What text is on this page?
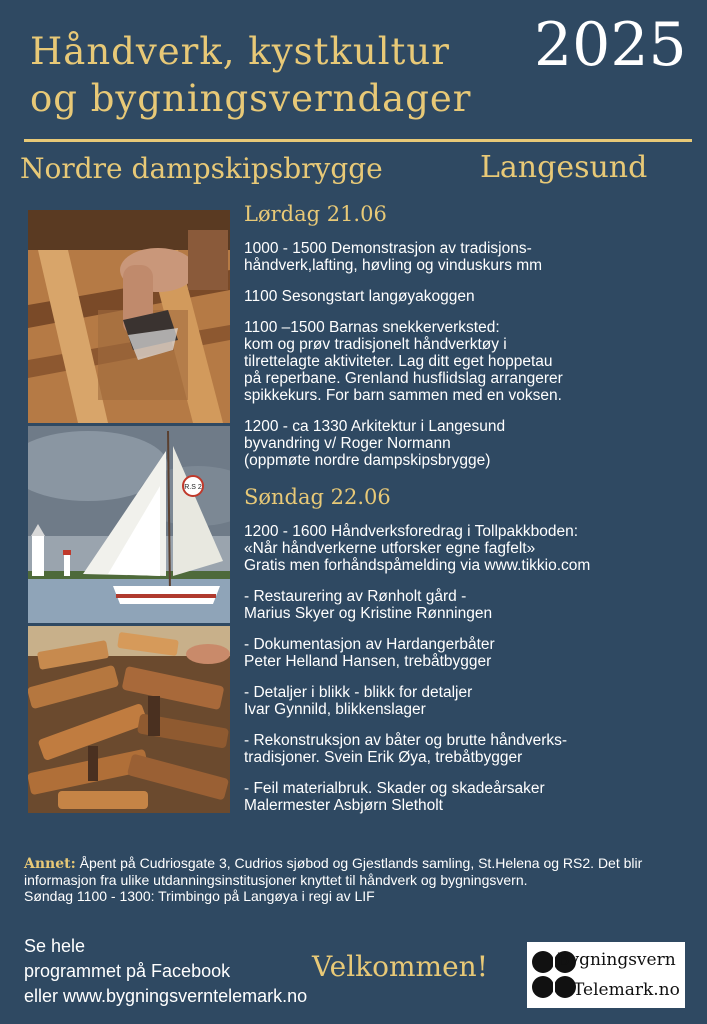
Håndverk, kystkultur
og bygningsverndager
2025
Nordre dampskipsbrygge	Langesund
R.S 2
Lørdag 21.06
1000 - 1500 Demonstrasjon av tradisjons-
håndverk,lafting, høvling og vinduskurs mm
1100 Sesongstart langøyakoggen
1100 –1500 Barnas snekkerverksted:
kom og prøv tradisjonelt håndverktøy i
tilrettelagte aktiviteter. Lag ditt eget hoppetau
på reperbane. Grenland husflidslag arrangerer
spikkekurs. For barn sammen med en voksen.
1200 - ca 1330 Arkitektur i Langesund
byvandring v/ Roger Normann
(oppmøte nordre dampskipsbrygge)
Søndag 22.06
1200 - 1600 Håndverksforedrag i Tollpakkboden:
«Når håndverkerne utforsker egne fagfelt»
Gratis men forhåndspåmelding via www.tikkio.com
- Restaurering av Rønholt gård -
Marius Skyer og Kristine Rønningen
- Dokumentasjon av Hardangerbåter
Peter Helland Hansen, trebåtbygger
- Detaljer i blikk - blikk for detaljer
Ivar Gynnild, blikkenslager
- Rekonstruksjon av båter og brutte håndverks-
tradisjoner. Svein Erik Øya, trebåtbygger
- Feil materialbruk. Skader og skadeårsaker
Malermester Asbjørn Sletholt
Annet: Åpent på Cudriosgate 3, Cudrios sjøbod og Gjestlands samling, St.Helena og RS2. Det blir informasjon fra ulike utdanningsinstitusjoner knyttet til håndverk og bygningsvern.
Søndag 1100 - 1300: Trimbingo på Langøya i regi av LIF
Se hele
programmet på Facebook
eller www.bygningsverntelemark.no
Velkommen!	Bygningsvern
Telemark.no
